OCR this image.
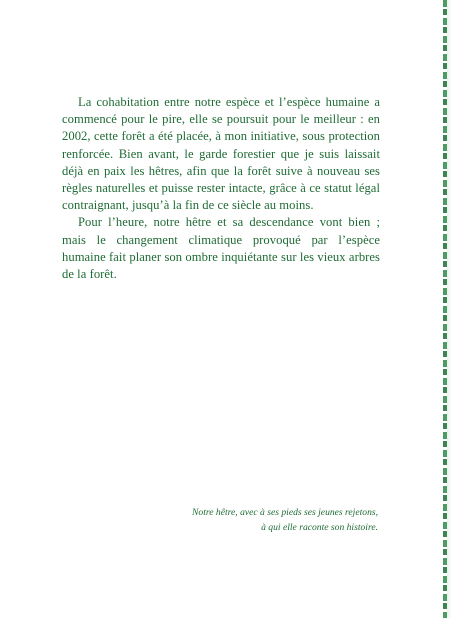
La cohabitation entre notre espèce et l’espèce humaine a commencé pour le pire, elle se poursuit pour le meilleur : en 2002, cette forêt a été placée, à mon initiative, sous protection renforcée. Bien avant, le garde forestier que je suis laissait déjà en paix les hêtres, afin que la forêt suive à nouveau ses règles naturelles et puisse rester intacte, grâce à ce statut légal contraignant, jusqu’à la fin de ce siècle au moins.

Pour l’heure, notre hêtre et sa descendance vont bien ; mais le changement climatique provoqué par l’espèce humaine fait planer son ombre inquiétante sur les vieux arbres de la forêt.

Notre hêtre, avec à ses pieds ses jeunes rejetons,
à qui elle raconte son histoire.
